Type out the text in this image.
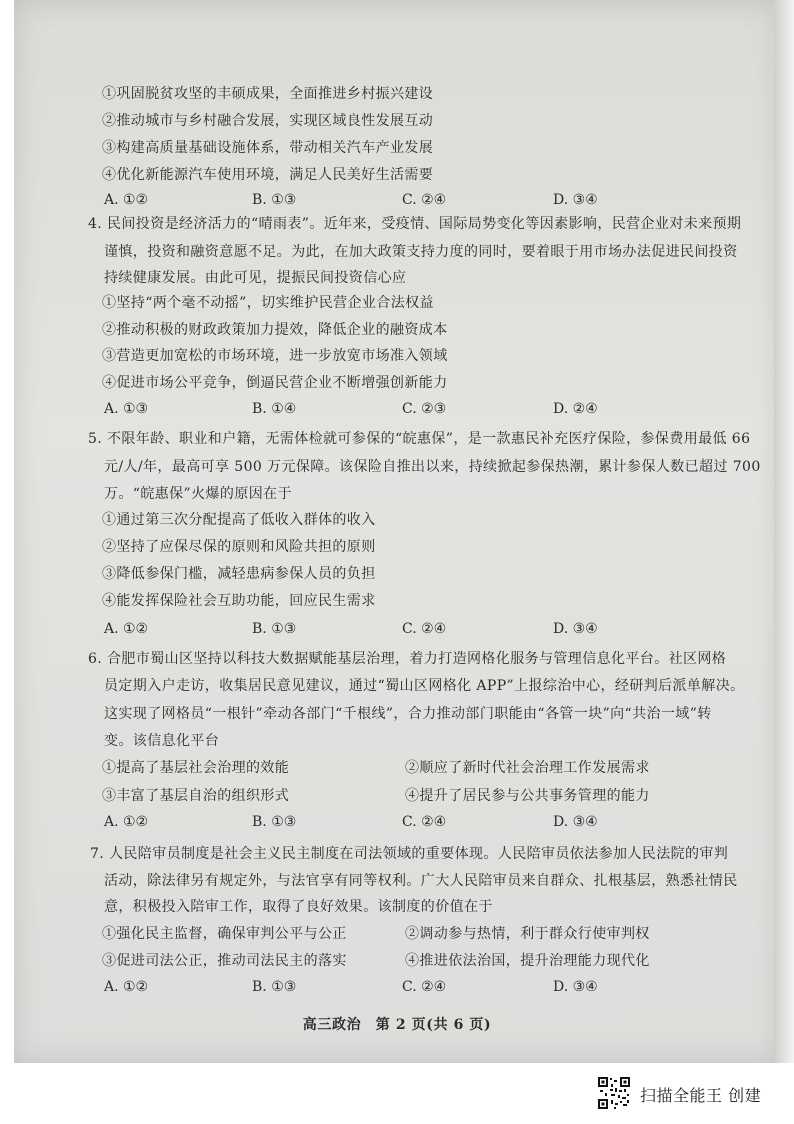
①巩固脱贫攻坚的丰硕成果，全面推进乡村振兴建设
②推动城市与乡村融合发展，实现区域良性发展互动
③构建高质量基础设施体系，带动相关汽车产业发展
④优化新能源汽车使用环境，满足人民美好生活需要
A. ①②	B. ①③	C. ②④	D. ③④
4. 民间投资是经济活力的“晴雨表”。近年来，受疫情、国际局势变化等因素影响，民营企业对未来预期
谨慎，投资和融资意愿不足。为此，在加大政策支持力度的同时，要着眼于用市场办法促进民间投资
持续健康发展。由此可见，提振民间投资信心应
①坚持“两个毫不动摇”，切实维护民营企业合法权益
②推动积极的财政政策加力提效，降低企业的融资成本
③营造更加宽松的市场环境，进一步放宽市场准入领域
④促进市场公平竞争，倒逼民营企业不断增强创新能力
A. ①③	B. ①④	C. ②③	D. ②④
5. 不限年龄、职业和户籍，无需体检就可参保的“皖惠保”，是一款惠民补充医疗保险，参保费用最低 66
元/人/年，最高可享 500 万元保障。该保险自推出以来，持续掀起参保热潮，累计参保人数已超过 700
万。“皖惠保”火爆的原因在于
①通过第三次分配提高了低收入群体的收入
②坚持了应保尽保的原则和风险共担的原则
③降低参保门槛，减轻患病参保人员的负担
④能发挥保险社会互助功能，回应民生需求
A. ①②	B. ①③	C. ②④	D. ③④
6. 合肥市蜀山区坚持以科技大数据赋能基层治理，着力打造网格化服务与管理信息化平台。社区网格
员定期入户走访，收集居民意见建议，通过“蜀山区网格化 APP”上报综治中心，经研判后派单解决。
这实现了网格员“一根针”牵动各部门“千根线”，合力推动部门职能由“各管一块”向“共治一域”转
变。该信息化平台
①提高了基层社会治理的效能	②顺应了新时代社会治理工作发展需求
③丰富了基层自治的组织形式	④提升了居民参与公共事务管理的能力
A. ①②	B. ①③	C. ②④	D. ③④
7. 人民陪审员制度是社会主义民主制度在司法领域的重要体现。人民陪审员依法参加人民法院的审判
活动，除法律另有规定外，与法官享有同等权利。广大人民陪审员来自群众、扎根基层，熟悉社情民
意，积极投入陪审工作，取得了良好效果。该制度的价值在于
①强化民主监督，确保审判公平与公正	②调动参与热情，利于群众行使审判权
③促进司法公正，推动司法民主的落实	④推进依法治国，提升治理能力现代化
A. ①②	B. ①③	C. ②④	D. ③④
高三政治　第 2 页(共 6 页)
扫描全能王 创建
